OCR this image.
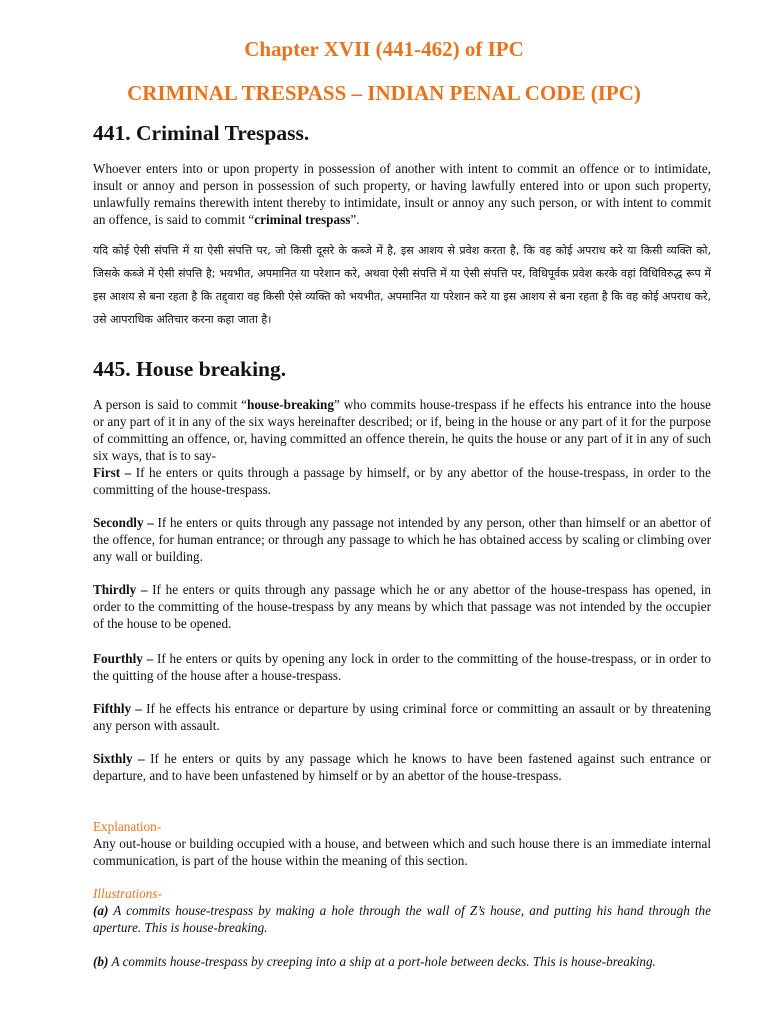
Chapter XVII (441-462) of IPC
CRIMINAL TRESPASS – INDIAN PENAL CODE (IPC)
441. Criminal Trespass.

Whoever enters into or upon property in possession of another with intent to commit an offence or to intimidate, insult or annoy and person in possession of such property, or having lawfully entered into or upon such property, unlawfully remains therewith intent thereby to intimidate, insult or annoy any such person, or with intent to commit an offence, is said to commit “criminal trespass”.

यदि कोई ऐसी संपत्ति में या ऐसी संपत्ति पर, जो किसी दूसरे के कब्जे में है, इस आशय से प्रवेश करता है, कि वह कोई अपराध करे या किसी व्यक्ति को, जिसके कब्जे में ऐसी संपत्ति है; भयभीत, अपमानित या परेशान करे, अथवा ऐसी संपत्ति में या ऐसी संपत्ति पर, विधिपूर्वक प्रवेश करके वहां विधिविरुद्ध रूप में इस आशय से बना रहता है कि तद्द्वारा वह किसी ऐसे व्यक्ति को भयभीत, अपमानित या परेशान करे या इस आशय से बना रहता है कि वह कोई अपराध करे, उसे आपराधिक अतिचार करना कहा जाता है।

445. House breaking.

A person is said to commit “house-breaking” who commits house-trespass if he effects his entrance into the house or any part of it in any of the six ways hereinafter described; or if, being in the house or any part of it for the purpose of committing an offence, or, having committed an offence therein, he quits the house or any part of it in any of such six ways, that is to say-
First – If he enters or quits through a passage by himself, or by any abettor of the house-trespass, in order to the committing of the house-trespass.

Secondly – If he enters or quits through any passage not intended by any person, other than himself or an abettor of the offence, for human entrance; or through any passage to which he has obtained access by scaling or climbing over any wall or building.

Thirdly – If he enters or quits through any passage which he or any abettor of the house-trespass has opened, in order to the committing of the house-trespass by any means by which that passage was not intended by the occupier of the house to be opened.

Fourthly – If he enters or quits by opening any lock in order to the committing of the house-trespass, or in order to the quitting of the house after a house-trespass.

Fifthly – If he effects his entrance or departure by using criminal force or committing an assault or by threatening any person with assault.

Sixthly – If he enters or quits by any passage which he knows to have been fastened against such entrance or departure, and to have been unfastened by himself or by an abettor of the house-trespass.

Explanation-

Any out-house or building occupied with a house, and between which and such house there is an immediate internal communication, is part of the house within the meaning of this section.

Illustrations-

(a) A commits house-trespass by making a hole through the wall of Z’s house, and putting his hand through the aperture. This is house-breaking.

(b) A commits house-trespass by creeping into a ship at a port-hole between decks. This is house-breaking.
